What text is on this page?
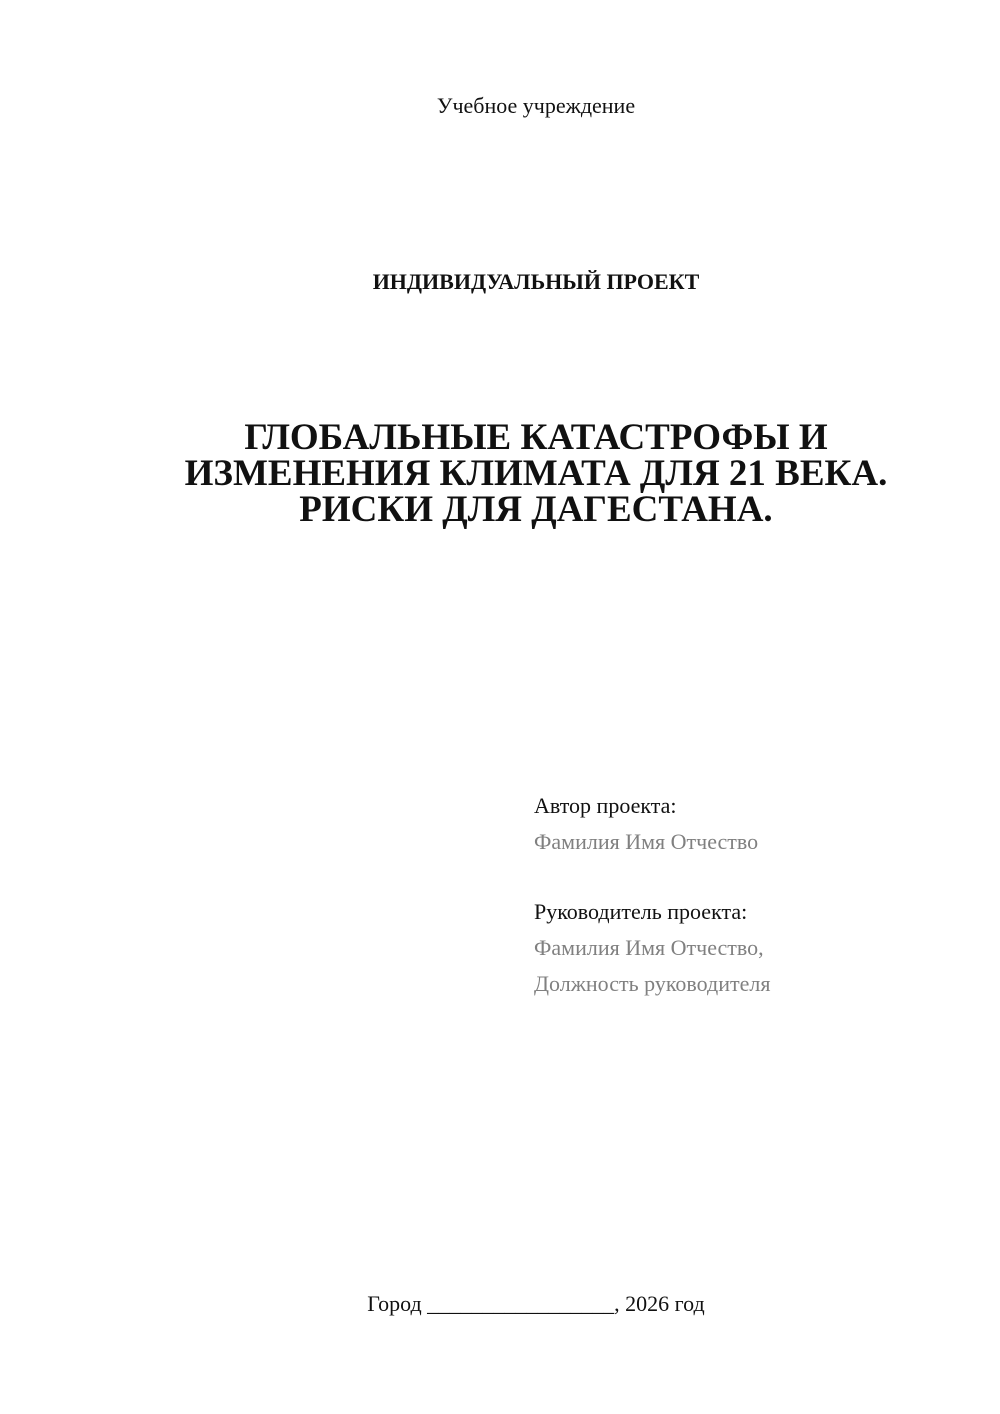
Учебное учреждение
ИНДИВИДУАЛЬНЫЙ ПРОЕКТ
ГЛОБАЛЬНЫЕ КАТАСТРОФЫ И
ИЗМЕНЕНИЯ КЛИМАТА ДЛЯ 21 ВЕКА.
РИСКИ ДЛЯ ДАГЕСТАНА.
Автор проекта:
Фамилия Имя Отчество
Руководитель проекта:
Фамилия Имя Отчество,
Должность руководителя
Город _________________, 2026 год
